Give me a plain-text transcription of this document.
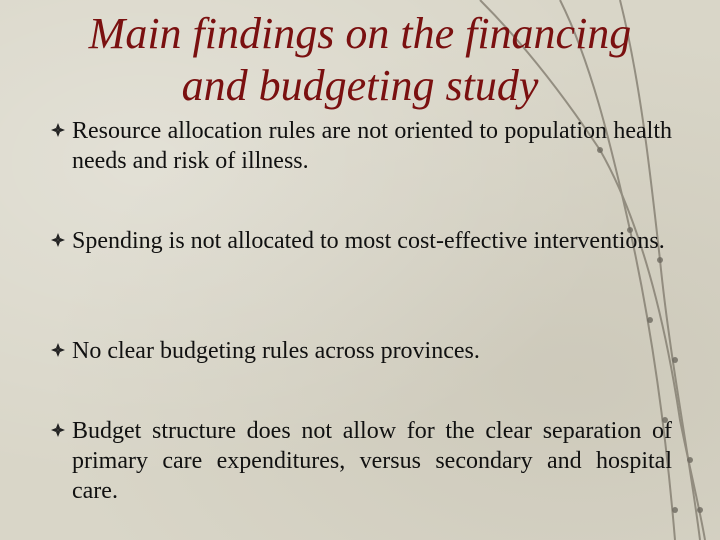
Main findings on the financing
and budgeting study
Resource allocation rules are not oriented to population health needs and risk of illness.
Spending is not allocated to most cost-effective interventions.
No clear budgeting rules across provinces.
Budget structure does not allow for the clear separation of primary care expenditures, versus secondary and hospital care.
